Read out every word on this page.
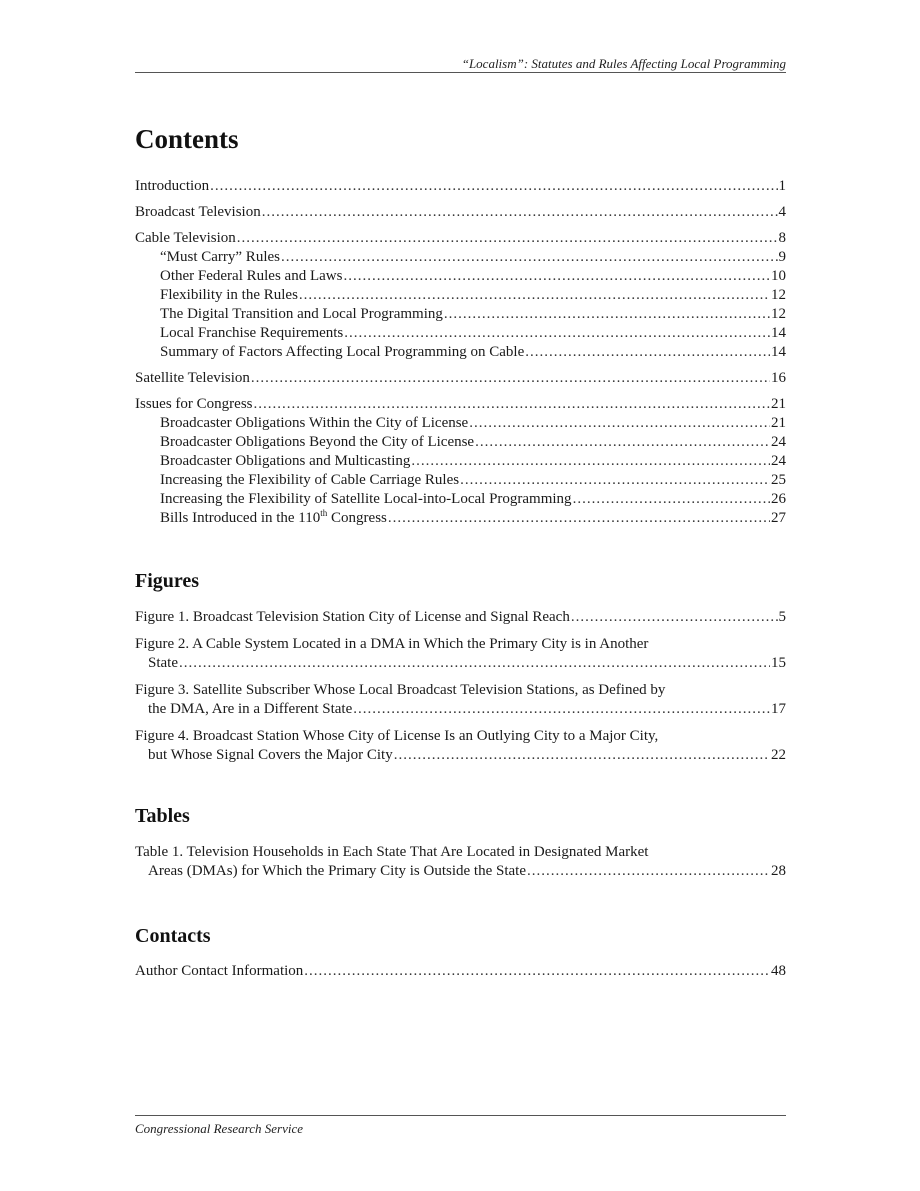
“Localism”: Statutes and Rules Affecting Local Programming
Contents
Introduction .....	1
Broadcast Television .....	4
Cable Television .....	8
“Must Carry” Rules .....	9
Other Federal Rules and Laws .....	10
Flexibility in the Rules .....	12
The Digital Transition and Local Programming .....	12
Local Franchise Requirements .....	14
Summary of Factors Affecting Local Programming on Cable .....	14
Satellite Television .....	16
Issues for Congress .....	21
Broadcaster Obligations Within the City of License .....	21
Broadcaster Obligations Beyond the City of License .....	24
Broadcaster Obligations and Multicasting .....	24
Increasing the Flexibility of Cable Carriage Rules .....	25
Increasing the Flexibility of Satellite Local-into-Local Programming .....	26
Bills Introduced in the 110th Congress .....	27
Figures
Figure 1. Broadcast Television Station City of License and Signal Reach .....	5
Figure 2. A Cable System Located in a DMA in Which the Primary City is in Another
State .....	15
Figure 3. Satellite Subscriber Whose Local Broadcast Television Stations, as Defined by
the DMA, Are in a Different State .....	17
Figure 4. Broadcast Station Whose City of License Is an Outlying City to a Major City,
but Whose Signal Covers the Major City .....	22
Tables
Table 1. Television Households in Each State That Are Located in Designated Market
Areas (DMAs) for Which the Primary City is Outside the State .....	28
Contacts
Author Contact Information .....	48
Congressional Research Service
